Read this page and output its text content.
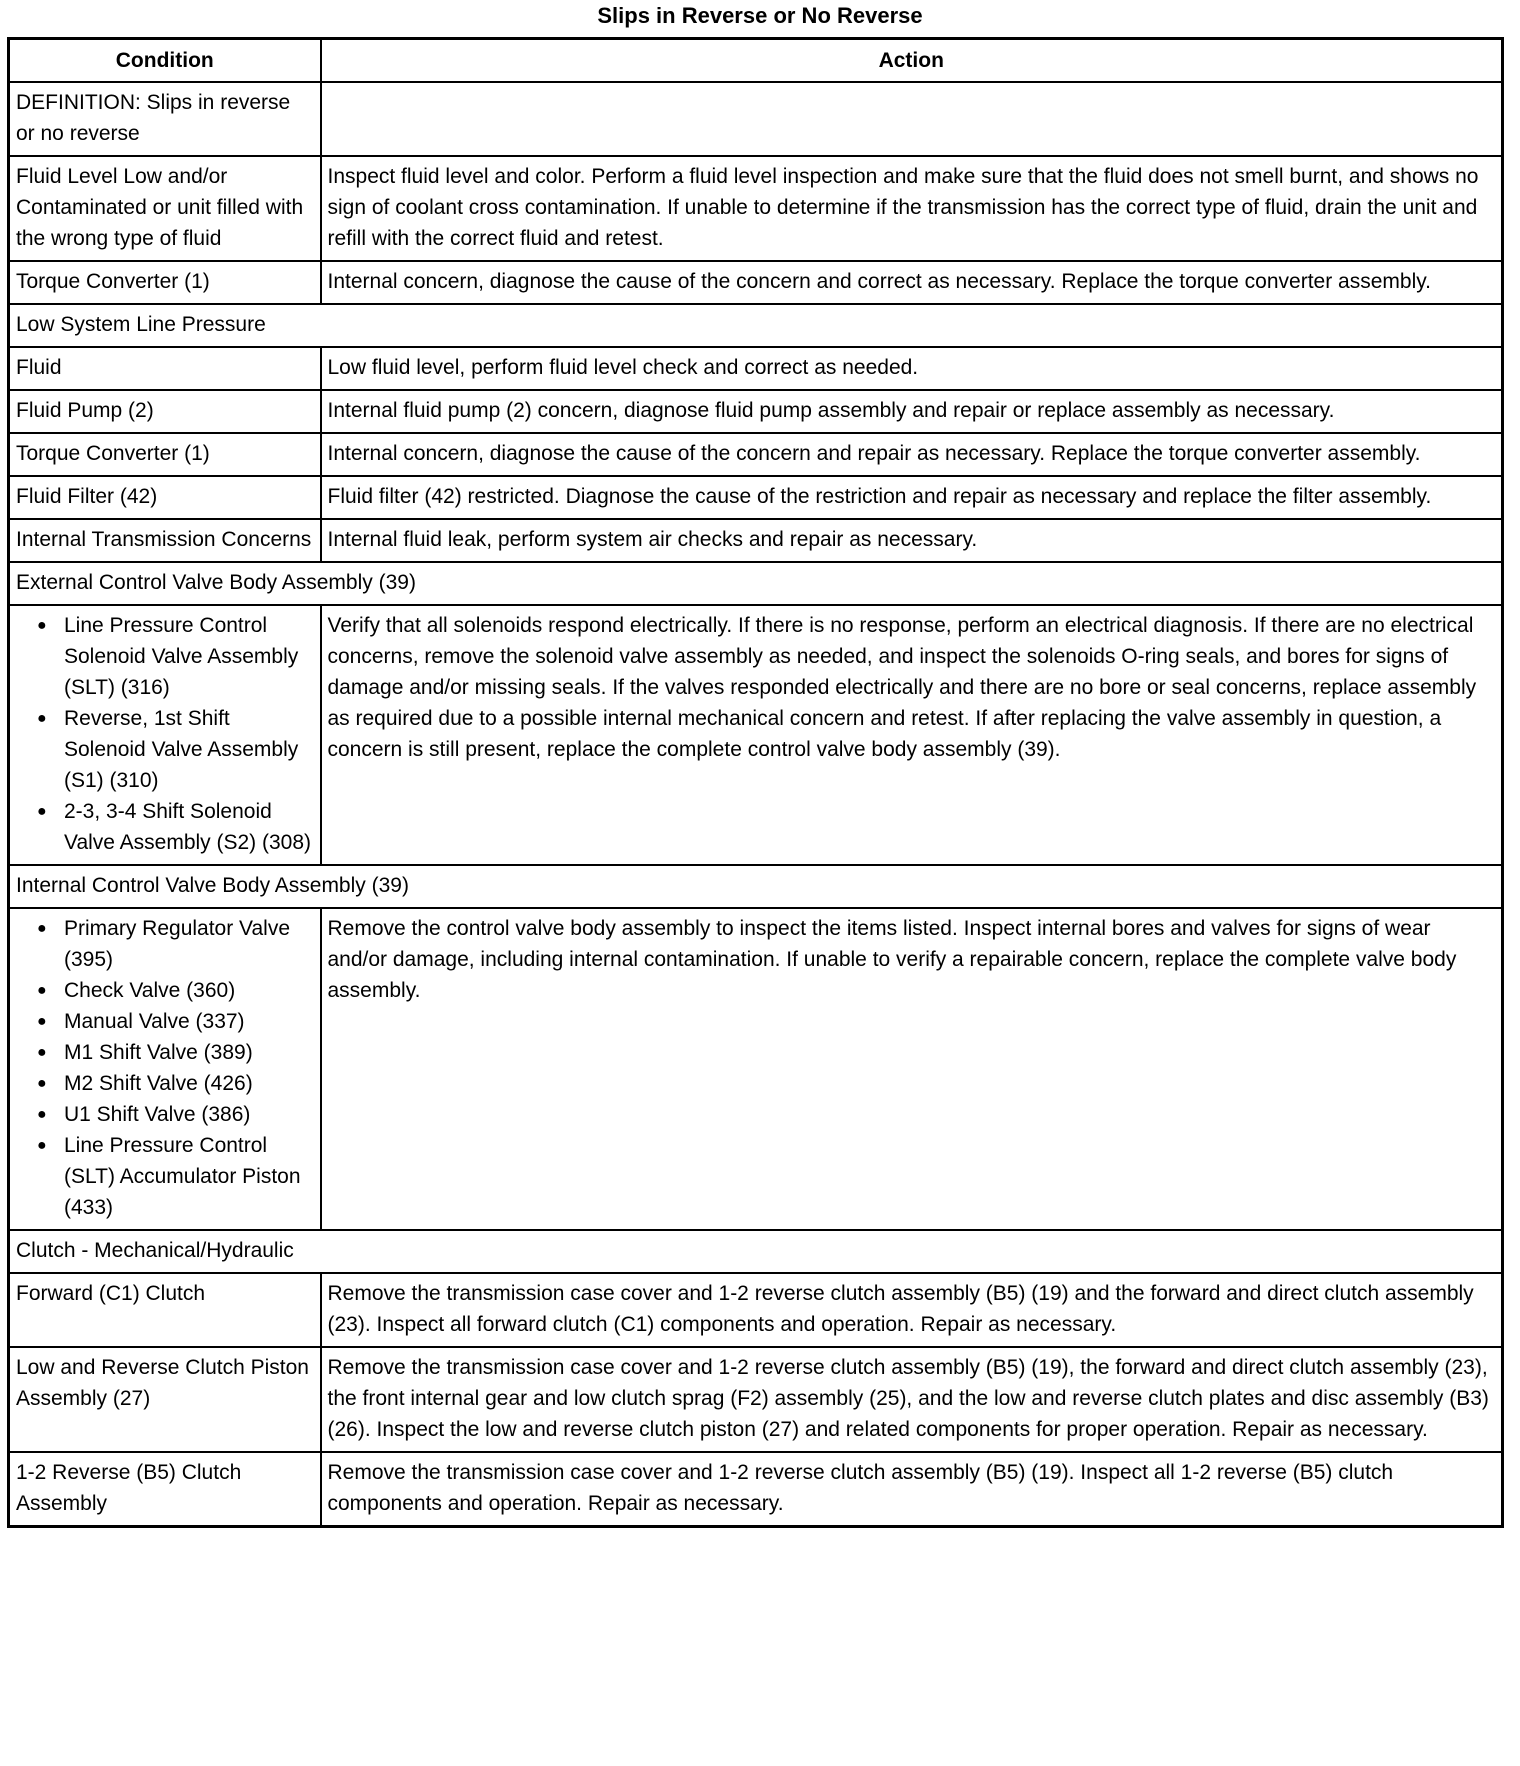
Slips in Reverse or No Reverse
Condition	Action
DEFINITION: Slips in reverse or no reverse	
Fluid Level Low and/or Contaminated or unit filled with the wrong type of fluid	Inspect fluid level and color. Perform a fluid level inspection and make sure that the fluid does not smell burnt, and shows no sign of coolant cross contamination. If unable to determine if the transmission has the correct type of fluid, drain the unit and refill with the correct fluid and retest.
Torque Converter (1)	Internal concern, diagnose the cause of the concern and correct as necessary. Replace the torque converter assembly.
Low System Line Pressure	
Fluid	Low fluid level, perform fluid level check and correct as needed.
Fluid Pump (2)	Internal fluid pump (2) concern, diagnose fluid pump assembly and repair or replace assembly as necessary.
Torque Converter (1)	Internal concern, diagnose the cause of the concern and repair as necessary. Replace the torque converter assembly.
Fluid Filter (42)	Fluid filter (42) restricted. Diagnose the cause of the restriction and repair as necessary and replace the filter assembly.
Internal Transmission Concerns	Internal fluid leak, perform system air checks and repair as necessary.
External Control Valve Body Assembly (39)	

● Line Pressure Control Solenoid Valve Assembly (SLT) (316)
● Reverse, 1st Shift Solenoid Valve Assembly (S1) (310)
● 2-3, 3-4 Shift Solenoid Valve Assembly (S2) (308)
	Verify that all solenoids respond electrically. If there is no response, perform an electrical diagnosis. If there are no electrical concerns, remove the solenoid valve assembly as needed, and inspect the solenoids O-ring seals, and bores for signs of damage and/or missing seals. If the valves responded electrically and there are no bore or seal concerns, replace assembly as required due to a possible internal mechanical concern and retest. If after replacing the valve assembly in question, a concern is still present, replace the complete control valve body assembly (39).
Internal Control Valve Body Assembly (39)	

● Primary Regulator Valve (395)
● Check Valve (360)
● Manual Valve (337)
● M1 Shift Valve (389)
● M2 Shift Valve (426)
● U1 Shift Valve (386)
● Line Pressure Control (SLT) Accumulator Piston (433)
	Remove the control valve body assembly to inspect the items listed. Inspect internal bores and valves for signs of wear and/or damage, including internal contamination. If unable to verify a repairable concern, replace the complete valve body assembly.
Clutch - Mechanical/Hydraulic	
Forward (C1) Clutch	Remove the transmission case cover and 1-2 reverse clutch assembly (B5) (19) and the forward and direct clutch assembly (23). Inspect all forward clutch (C1) components and operation. Repair as necessary.
Low and Reverse Clutch Piston Assembly (27)	Remove the transmission case cover and 1-2 reverse clutch assembly (B5) (19), the forward and direct clutch assembly (23), the front internal gear and low clutch sprag (F2) assembly (25), and the low and reverse clutch plates and disc assembly (B3) (26). Inspect the low and reverse clutch piston (27) and related components for proper operation. Repair as necessary.
1-2 Reverse (B5) Clutch Assembly	Remove the transmission case cover and 1-2 reverse clutch assembly (B5) (19). Inspect all 1-2 reverse (B5) clutch components and operation. Repair as necessary.
